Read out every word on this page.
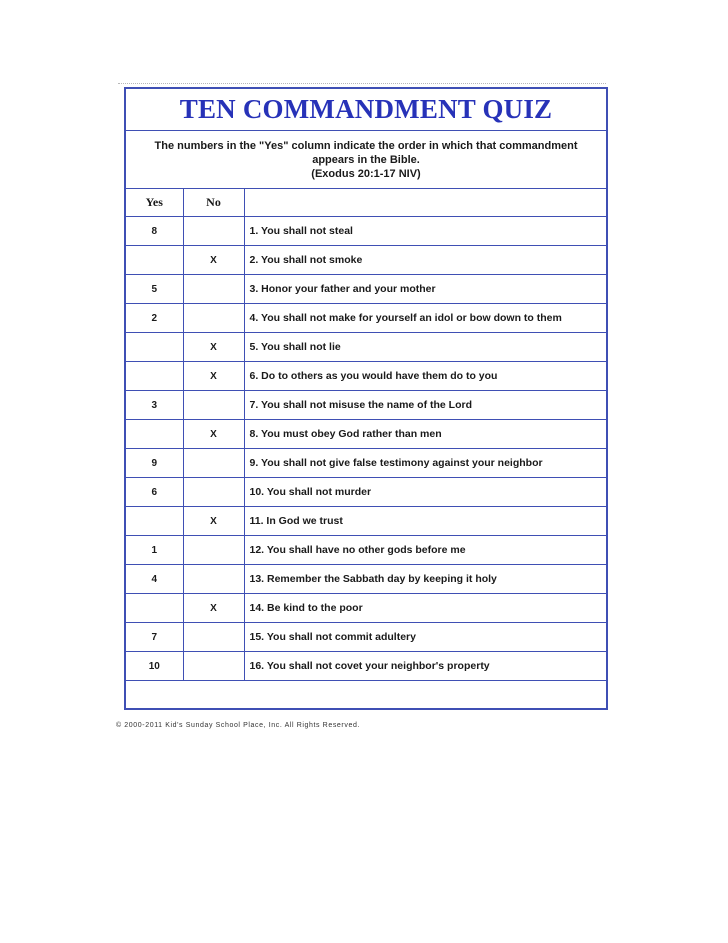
TEN COMMANDMENT QUIZ		

The numbers in the "Yes" column indicate the order in which that commandment
appears in the Bible.
(Exodus 20:1-17 NIV)		

Yes	No	
8		1. You shall not steal
	X	2. You shall not smoke
5		3. Honor your father and your mother
2		4. You shall not make for yourself an idol or bow down to them
	X	5. You shall not lie
	X	6. Do to others as you would have them do to you
3		7. You shall not misuse the name of the Lord
	X	8. You must obey God rather than men
9		9. You shall not give false testimony against your neighbor
6		10. You shall not murder
	X	11. In God we trust
1		12. You shall have no other gods before me
4		13. Remember the Sabbath day by keeping it holy
	X	14. Be kind to the poor
7		15. You shall not commit adultery
10		16. You shall not covet your neighbor's property

© 2000-2011 Kid's Sunday School Place, Inc. All Rights Reserved.
